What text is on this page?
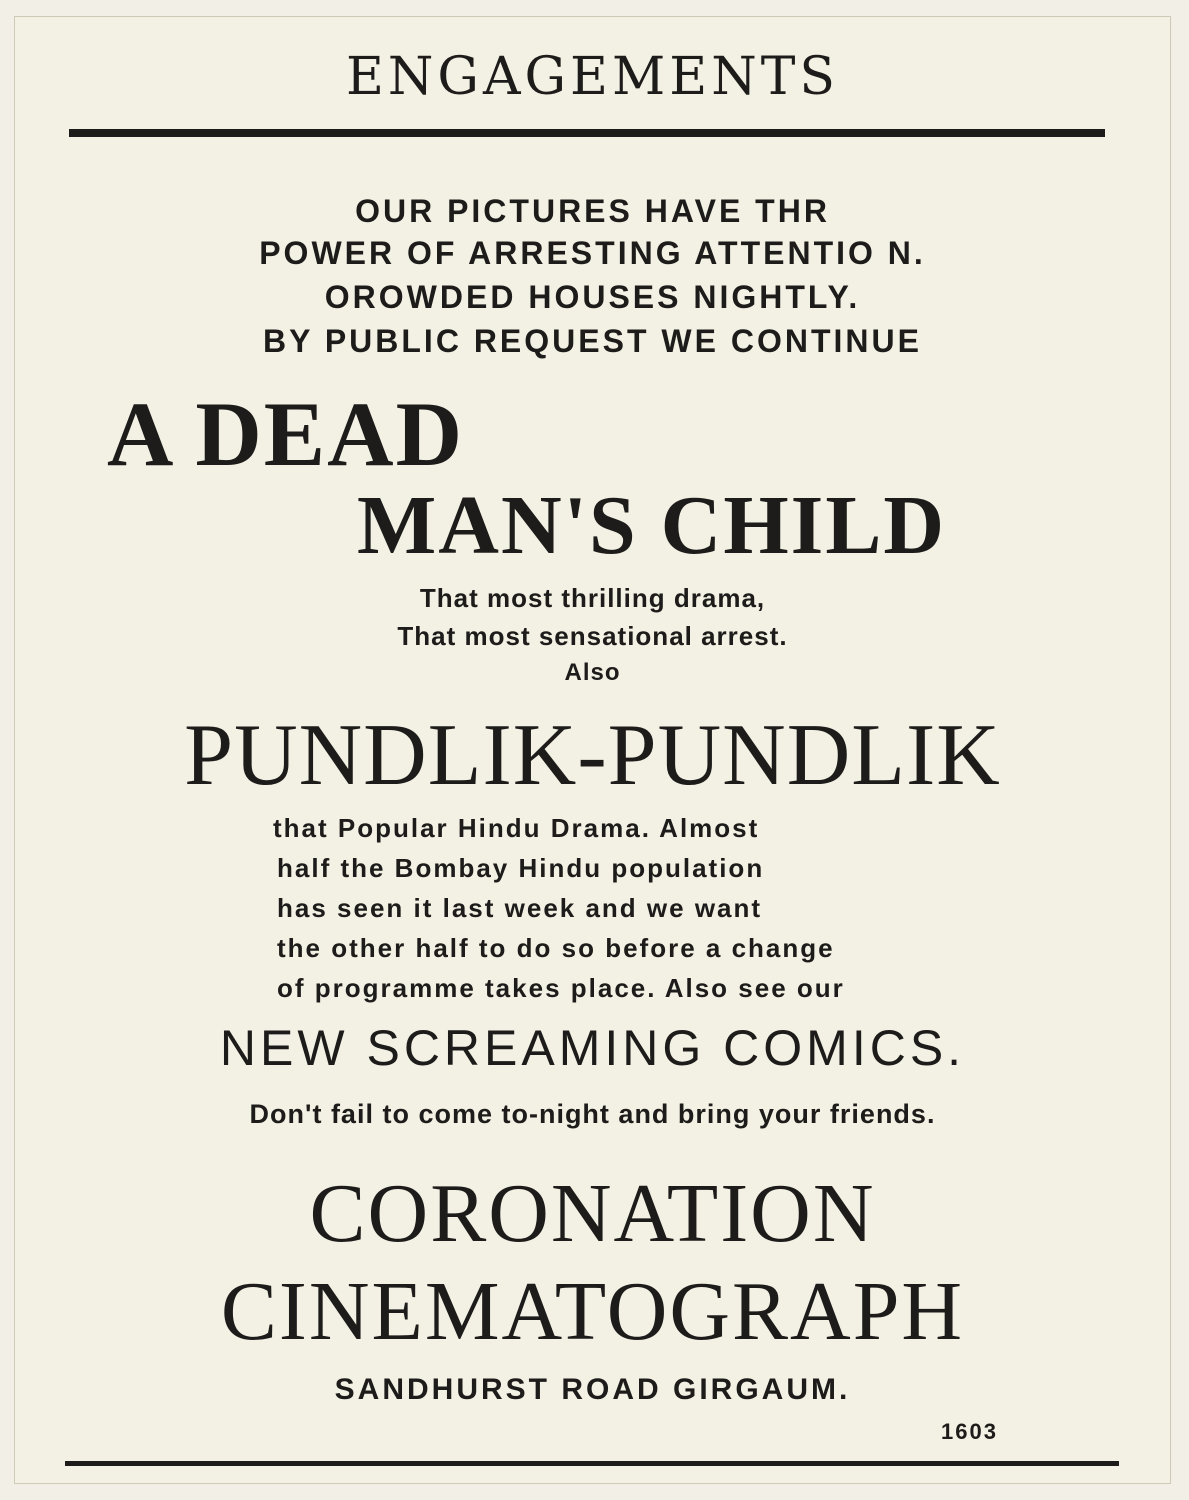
ENGAGEMENTS
OUR PICTURES HAVE THR
POWER OF ARRESTING ATTENTIO N.
OROWDED HOUSES NIGHTLY.
BY PUBLIC REQUEST WE CONTINUE
A DEAD
MAN'S CHILD
That most thrilling drama,
That most sensational arrest.
Also
PUNDLIK-PUNDLIK
that Popular Hindu Drama. Almost
half the Bombay Hindu population
has seen it last week and we want
the other half to do so before a change
of programme takes place. Also see our
NEW SCREAMING COMICS.
Don't fail to come to-night and bring your friends.
CORONATION
CINEMATOGRAPH
SANDHURST ROAD GIRGAUM.
1603
